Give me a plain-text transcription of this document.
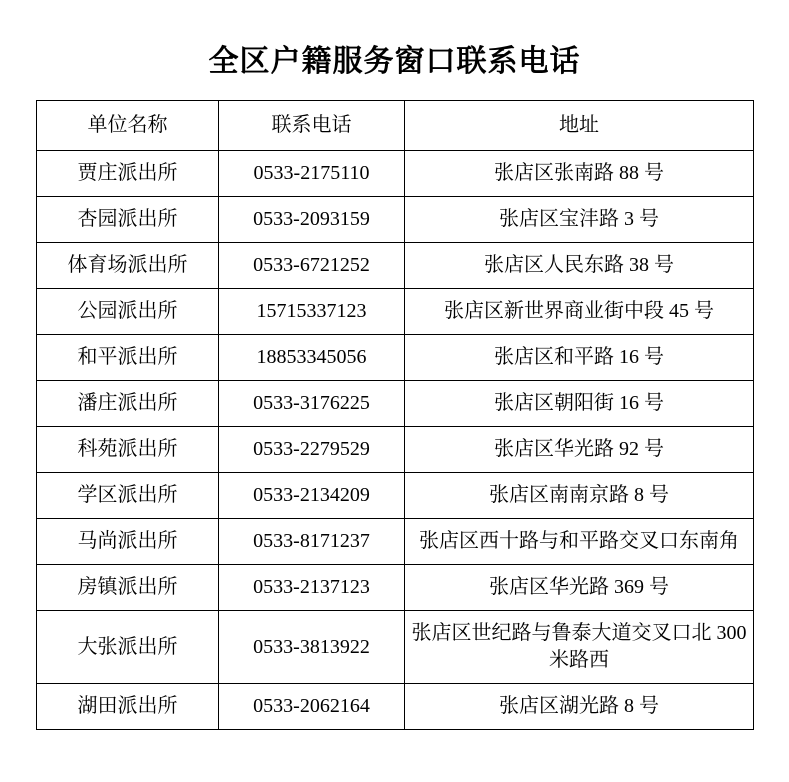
全区户籍服务窗口联系电话
单位名称	联系电话	地址
贾庄派出所	0533-2175110	张店区张南路 88 号
杏园派出所	0533-2093159	张店区宝沣路 3 号
体育场派出所	0533-6721252	张店区人民东路 38 号
公园派出所	15715337123	张店区新世界商业街中段 45 号
和平派出所	18853345056	张店区和平路 16 号
潘庄派出所	0533-3176225	张店区朝阳街 16 号
科苑派出所	0533-2279529	张店区华光路 92 号
学区派出所	0533-2134209	张店区南南京路 8 号
马尚派出所	0533-8171237	张店区西十路与和平路交叉口东南角
房镇派出所	0533-2137123	张店区华光路 369 号
大张派出所	0533-3813922	张店区世纪路与鲁泰大道交叉口北 300 米路西
湖田派出所	0533-2062164	张店区湖光路 8 号
